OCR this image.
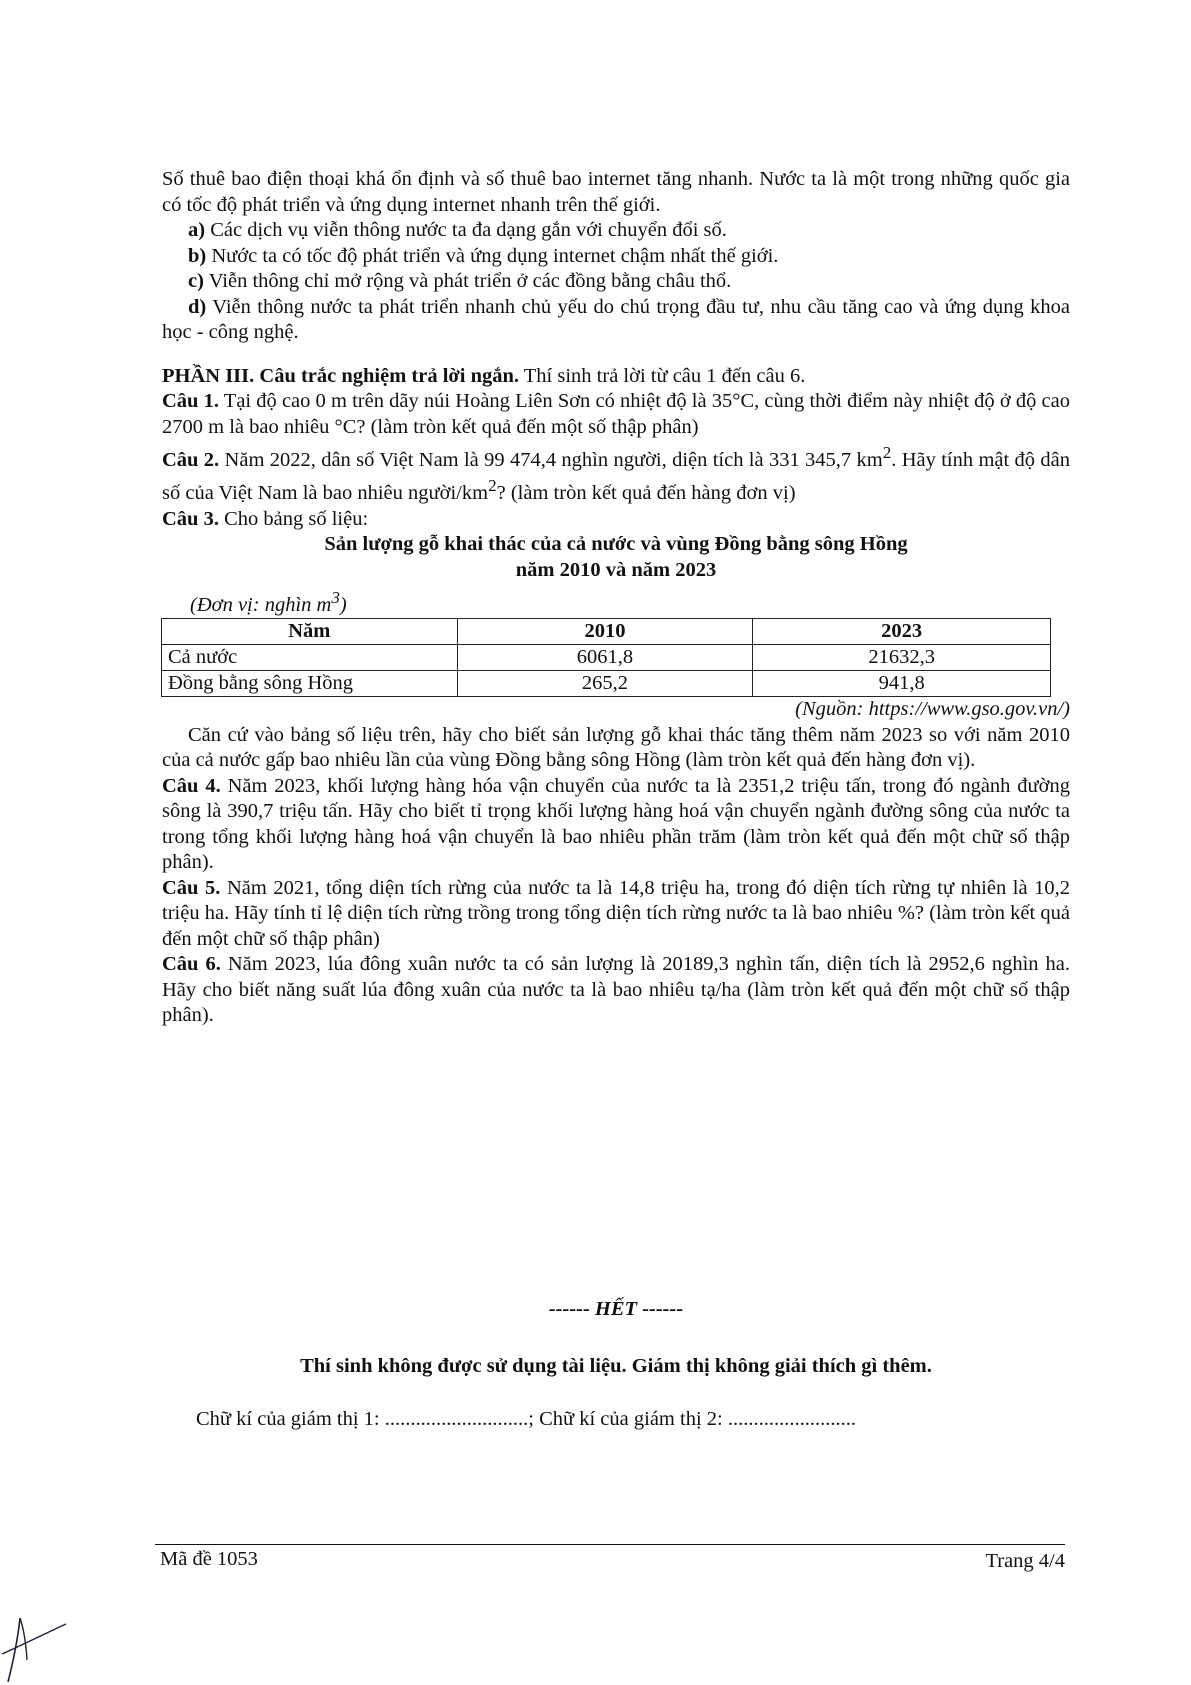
Số thuê bao điện thoại khá ổn định và số thuê bao internet tăng nhanh. Nước ta là một trong những quốc gia có tốc độ phát triển và ứng dụng internet nhanh trên thế giới.

a) Các dịch vụ viễn thông nước ta đa dạng gắn với chuyển đổi số.

b) Nước ta có tốc độ phát triển và ứng dụng internet chậm nhất thế giới.

c) Viễn thông chỉ mở rộng và phát triển ở các đồng bằng châu thổ.

d) Viễn thông nước ta phát triển nhanh chủ yếu do chú trọng đầu tư, nhu cầu tăng cao và ứng dụng khoa học - công nghệ.

PHẦN III. Câu trắc nghiệm trả lời ngắn. Thí sinh trả lời từ câu 1 đến câu 6.

Câu 1. Tại độ cao 0 m trên dãy núi Hoàng Liên Sơn có nhiệt độ là 35°C, cùng thời điểm này nhiệt độ ở độ cao 2700 m là bao nhiêu °C? (làm tròn kết quả đến một số thập phân)

Câu 2. Năm 2022, dân số Việt Nam là 99 474,4 nghìn người, diện tích là 331 345,7 $km^2$. Hãy tính mật độ dân số của Việt Nam là bao nhiêu người/$km^2$? (làm tròn kết quả đến hàng đơn vị)

Câu 3. Cho bảng số liệu:

Sản lượng gỗ khai thác của cả nước và vùng Đồng bằng sông Hồng

năm 2010 và năm 2023

(Đơn vị: nghìn $m^3$)

Năm	2010	2023
Cả nước	6061,8	21632,3
Đồng bằng sông Hồng	265,2	941,8

(Nguồn: https://www.gso.gov.vn/)

Căn cứ vào bảng số liệu trên, hãy cho biết sản lượng gỗ khai thác tăng thêm năm 2023 so với năm 2010 của cả nước gấp bao nhiêu lần của vùng Đồng bằng sông Hồng (làm tròn kết quả đến hàng đơn vị).

Câu 4. Năm 2023, khối lượng hàng hóa vận chuyển của nước ta là 2351,2 triệu tấn, trong đó ngành đường sông là 390,7 triệu tấn. Hãy cho biết tỉ trọng khối lượng hàng hoá vận chuyển ngành đường sông của nước ta trong tổng khối lượng hàng hoá vận chuyển là bao nhiêu phần trăm (làm tròn kết quả đến một chữ số thập phân).

Câu 5. Năm 2021, tổng diện tích rừng của nước ta là 14,8 triệu ha, trong đó diện tích rừng tự nhiên là 10,2 triệu ha. Hãy tính tỉ lệ diện tích rừng trồng trong tổng diện tích rừng nước ta là bao nhiêu %? (làm tròn kết quả đến một chữ số thập phân)

Câu 6. Năm 2023, lúa đông xuân nước ta có sản lượng là 20189,3 nghìn tấn, diện tích là 2952,6 nghìn ha. Hãy cho biết năng suất lúa đông xuân của nước ta là bao nhiêu tạ/ha (làm tròn kết quả đến một chữ số thập phân).

------ HẾT ------

Thí sinh không được sử dụng tài liệu. Giám thị không giải thích gì thêm.

Chữ kí của giám thị 1: ............................; Chữ kí của giám thị 2: .........................

Mã đề 1053	Trang 4/4
